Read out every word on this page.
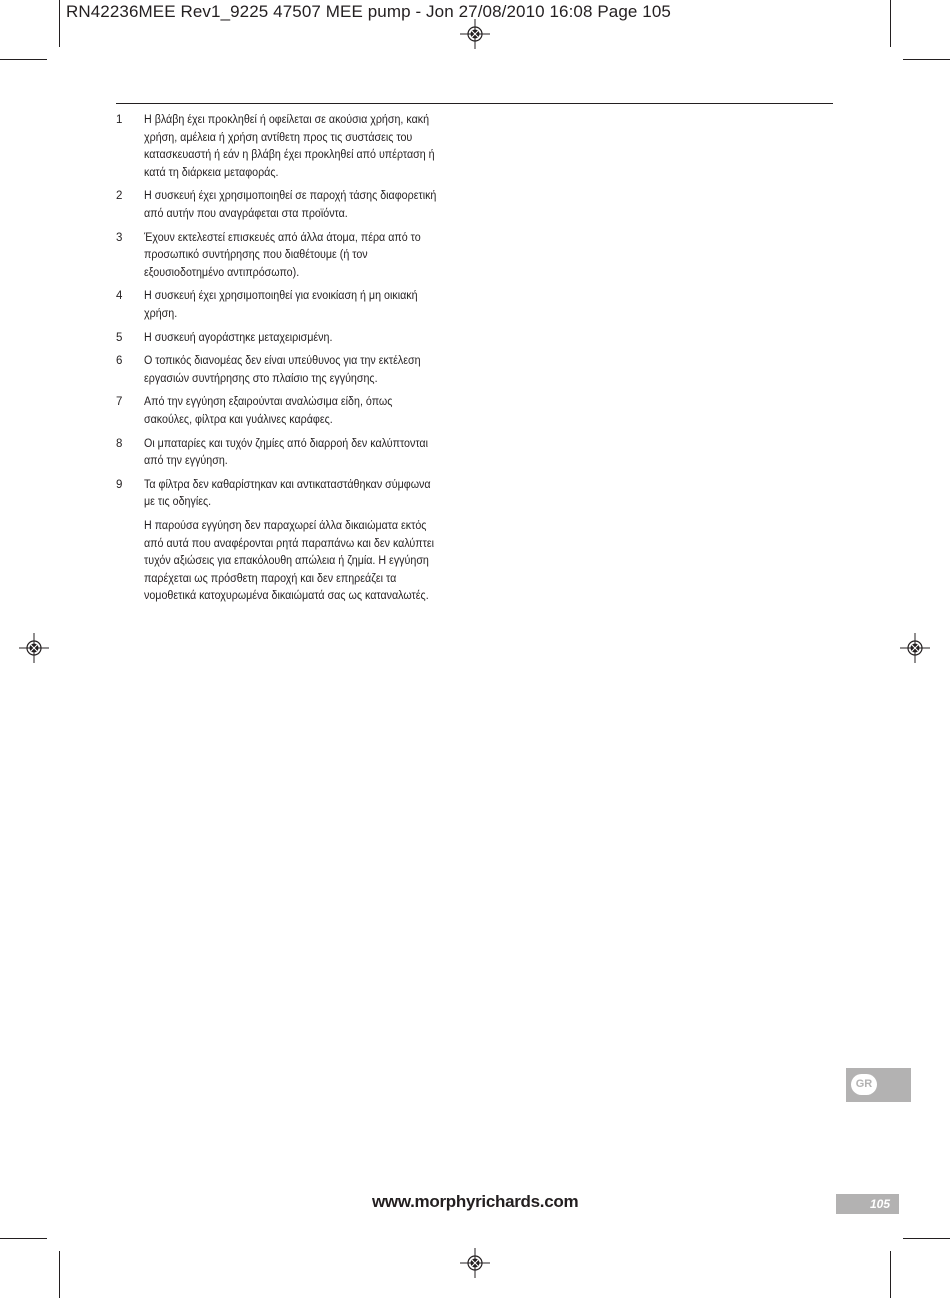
RN42236MEE Rev1_9225 47507 MEE pump - Jon 27/08/2010 16:08 Page 105
1	Η βλάβη έχει προκληθεί ή οφείλεται σε ακούσια χρήση, κακή χρήση, αμέλεια ή χρήση αντίθετη προς τις συστάσεις του κατασκευαστή ή εάν η βλάβη έχει προκληθεί από υπέρταση ή κατά τη διάρκεια μεταφοράς.
2	Η συσκευή έχει χρησιμοποιηθεί σε παροχή τάσης διαφορετική από αυτήν που αναγράφεται στα προϊόντα.
3	Έχουν εκτελεστεί επισκευές από άλλα άτομα, πέρα από το προσωπικό συντήρησης που διαθέτουμε (ή τον εξουσιοδοτημένο αντιπρόσωπο).
4	Η συσκευή έχει χρησιμοποιηθεί για ενοικίαση ή μη οικιακή χρήση.
5	Η συσκευή αγοράστηκε μεταχειρισμένη.
6	Ο τοπικός διανομέας δεν είναι υπεύθυνος για την εκτέλεση εργασιών συντήρησης στο πλαίσιο της εγγύησης.
7	Από την εγγύηση εξαιρούνται αναλώσιμα είδη, όπως σακούλες, φίλτρα και γυάλινες καράφες.
8	Οι μπαταρίες και τυχόν ζημίες από διαρροή δεν καλύπτονται από την εγγύηση.
9	Τα φίλτρα δεν καθαρίστηκαν και αντικαταστάθηκαν σύμφωνα με τις οδηγίες.
Η παρούσα εγγύηση δεν παραχωρεί άλλα δικαιώματα εκτός από αυτά που αναφέρονται ρητά παραπάνω και δεν καλύπτει τυχόν αξιώσεις για επακόλουθη απώλεια ή ζημία. Η εγγύηση παρέχεται ως πρόσθετη παροχή και δεν επηρεάζει τα νομοθετικά κατοχυρωμένα δικαιώματά σας ως καταναλωτές.
GR
www.morphyrichards.com	105
